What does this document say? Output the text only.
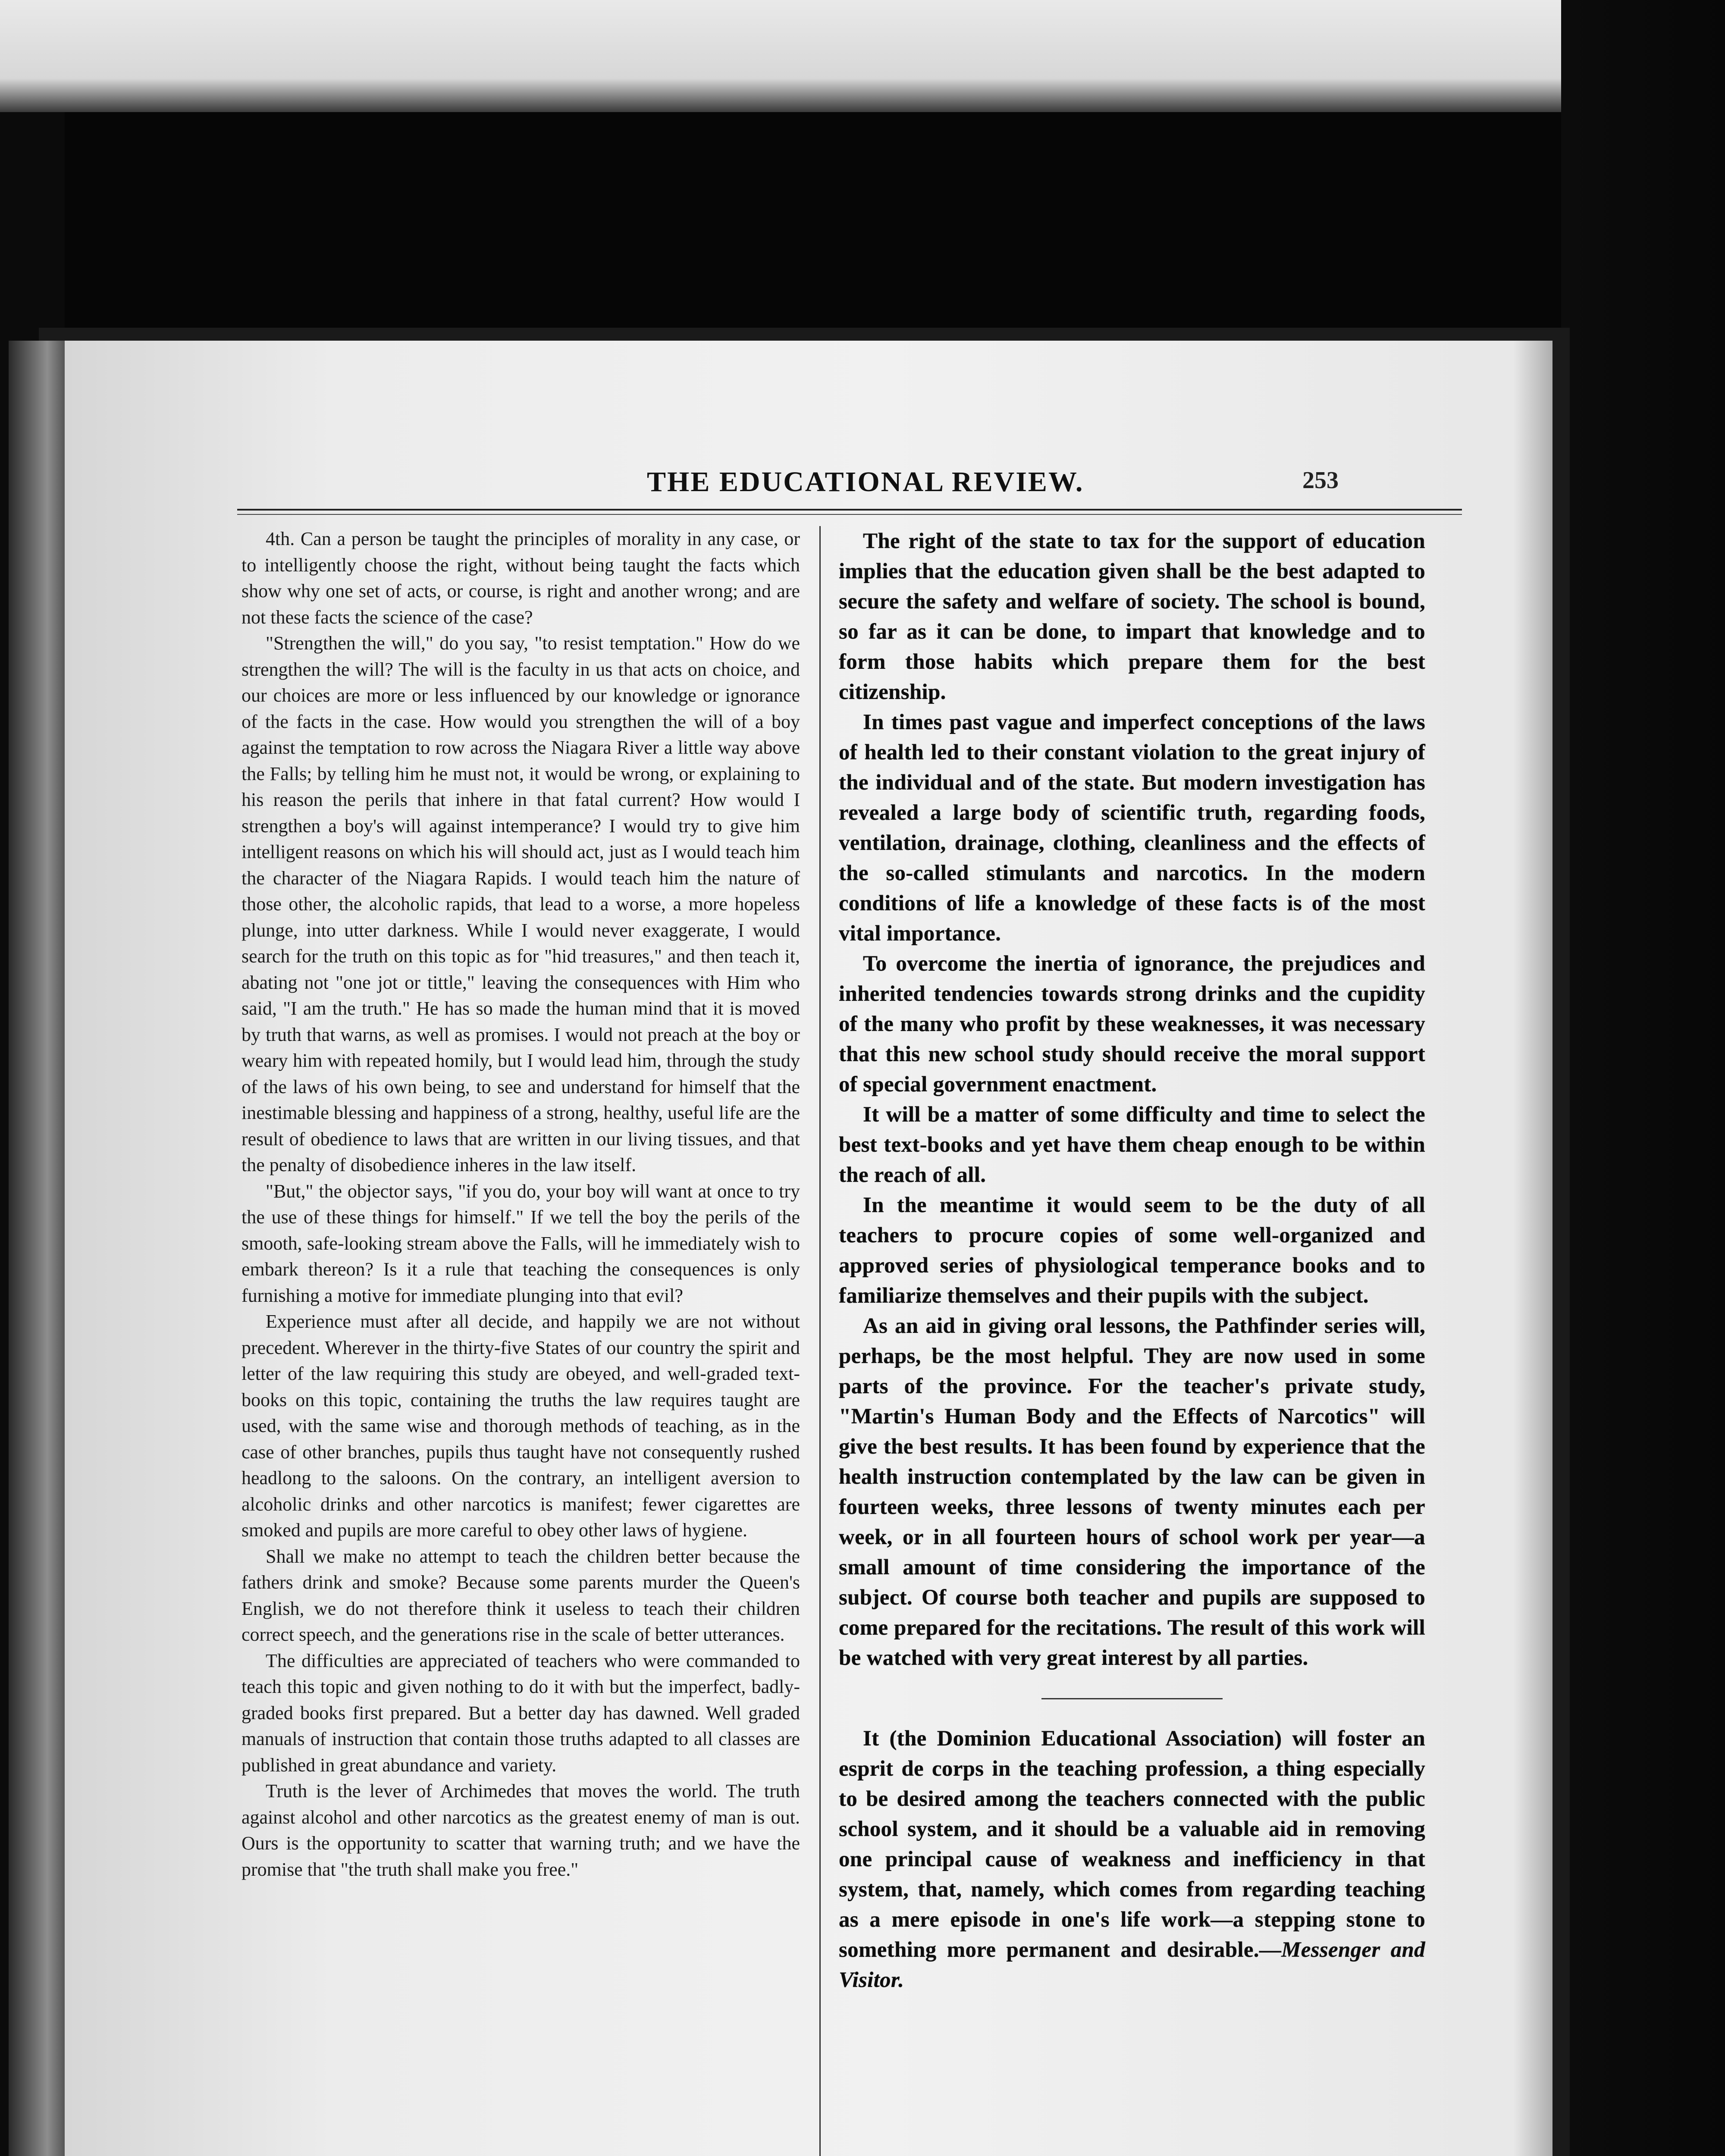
THE EDUCATIONAL REVIEW.	253

4th. Can a person be taught the principles of morality in any case, or to intelligently choose the right, without being taught the facts which show why one set of acts, or course, is right and another wrong; and are not these facts the science of the case?

"Strengthen the will," do you say, "to resist temptation." How do we strengthen the will? The will is the faculty in us that acts on choice, and our choices are more or less influenced by our knowledge or ignorance of the facts in the case. How would you strengthen the will of a boy against the temptation to row across the Niagara River a little way above the Falls; by telling him he must not, it would be wrong, or explaining to his reason the perils that inhere in that fatal current? How would I strengthen a boy's will against intemperance? I would try to give him intelligent reasons on which his will should act, just as I would teach him the character of the Niagara Rapids. I would teach him the nature of those other, the alcoholic rapids, that lead to a worse, a more hopeless plunge, into utter darkness. While I would never exaggerate, I would search for the truth on this topic as for "hid treasures," and then teach it, abating not "one jot or tittle," leaving the consequences with Him who said, "I am the truth." He has so made the human mind that it is moved by truth that warns, as well as promises. I would not preach at the boy or weary him with repeated homily, but I would lead him, through the study of the laws of his own being, to see and understand for himself that the inestimable blessing and happiness of a strong, healthy, useful life are the result of obedience to laws that are written in our living tissues, and that the penalty of disobedience inheres in the law itself.

"But," the objector says, "if you do, your boy will want at once to try the use of these things for himself." If we tell the boy the perils of the smooth, safe-looking stream above the Falls, will he immediately wish to embark thereon? Is it a rule that teaching the consequences is only furnishing a motive for immediate plunging into that evil?

Experience must after all decide, and happily we are not without precedent. Wherever in the thirty-five States of our country the spirit and letter of the law requiring this study are obeyed, and well-graded text-books on this topic, containing the truths the law requires taught are used, with the same wise and thorough methods of teaching, as in the case of other branches, pupils thus taught have not consequently rushed headlong to the saloons. On the contrary, an intelligent aversion to alcoholic drinks and other narcotics is manifest; fewer cigarettes are smoked and pupils are more careful to obey other laws of hygiene.

Shall we make no attempt to teach the children better because the fathers drink and smoke? Because some parents murder the Queen's English, we do not therefore think it useless to teach their children correct speech, and the generations rise in the scale of better utterances.

The difficulties are appreciated of teachers who were commanded to teach this topic and given nothing to do it with but the imperfect, badly-graded books first prepared. But a better day has dawned. Well graded manuals of instruction that contain those truths adapted to all classes are published in great abundance and variety.

Truth is the lever of Archimedes that moves the world. The truth against alcohol and other narcotics as the greatest enemy of man is out. Ours is the opportunity to scatter that warning truth; and we have the promise that "the truth shall make you free."

The right of the state to tax for the support of education implies that the education given shall be the best adapted to secure the safety and welfare of society. The school is bound, so far as it can be done, to impart that knowledge and to form those habits which prepare them for the best citizenship.

In times past vague and imperfect conceptions of the laws of health led to their constant violation to the great injury of the individual and of the state. But modern investigation has revealed a large body of scientific truth, regarding foods, ventilation, drainage, clothing, cleanliness and the effects of the so-called stimulants and narcotics. In the modern conditions of life a knowledge of these facts is of the most vital importance.

To overcome the inertia of ignorance, the prejudices and inherited tendencies towards strong drinks and the cupidity of the many who profit by these weaknesses, it was necessary that this new school study should receive the moral support of special government enactment.

It will be a matter of some difficulty and time to select the best text-books and yet have them cheap enough to be within the reach of all.

In the meantime it would seem to be the duty of all teachers to procure copies of some well-organized and approved series of physiological temperance books and to familiarize themselves and their pupils with the subject.

As an aid in giving oral lessons, the Pathfinder series will, perhaps, be the most helpful. They are now used in some parts of the province. For the teacher's private study, "Martin's Human Body and the Effects of Narcotics" will give the best results. It has been found by experience that the health instruction contemplated by the law can be given in fourteen weeks, three lessons of twenty minutes each per week, or in all fourteen hours of school work per year—a small amount of time considering the importance of the subject. Of course both teacher and pupils are supposed to come prepared for the recitations. The result of this work will be watched with very great interest by all parties.

It (the Dominion Educational Association) will foster an esprit de corps in the teaching profession, a thing especially to be desired among the teachers connected with the public school system, and it should be a valuable aid in removing one principal cause of weakness and inefficiency in that system, that, namely, which comes from regarding teaching as a mere episode in one's life work—a stepping stone to something more permanent and desirable.—Messenger and Visitor.
